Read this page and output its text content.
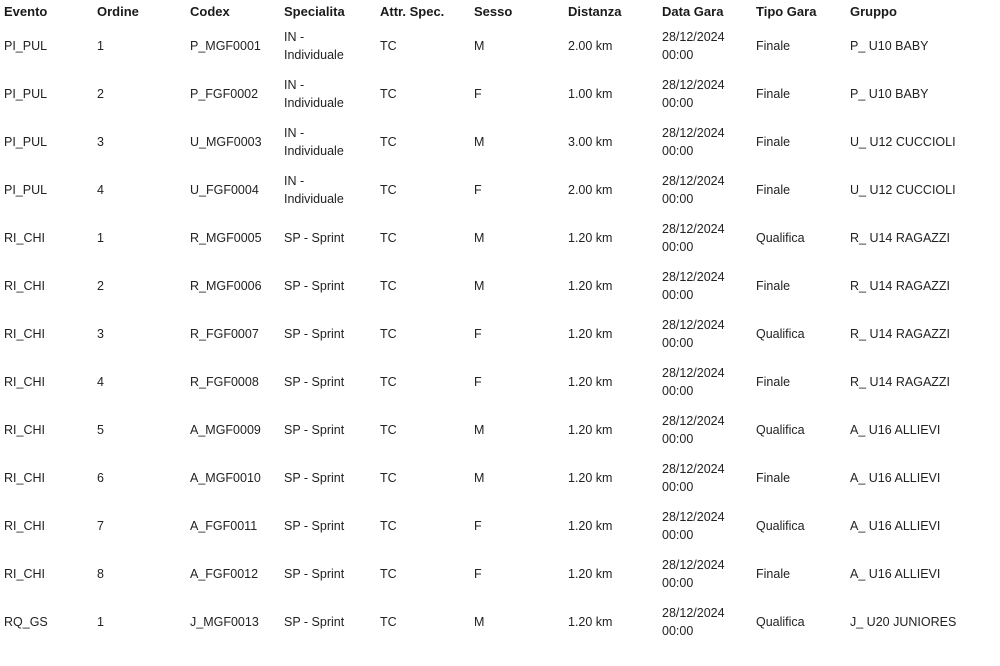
Evento	Ordine	Codex	Specialita	Attr. Spec.	Sesso	Distanza	Data Gara	Tipo Gara	Gruppo
PI_PUL	1	P_MGF0001	IN -
Individuale	TC	M	2.00 km	28/12/2024
00:00	Finale	P_ U10 BABY
PI_PUL	2	P_FGF0002	IN -
Individuale	TC	F	1.00 km	28/12/2024
00:00	Finale	P_ U10 BABY
PI_PUL	3	U_MGF0003	IN -
Individuale	TC	M	3.00 km	28/12/2024
00:00	Finale	U_ U12 CUCCIOLI
PI_PUL	4	U_FGF0004	IN -
Individuale	TC	F	2.00 km	28/12/2024
00:00	Finale	U_ U12 CUCCIOLI
RI_CHI	1	R_MGF0005	SP - Sprint	TC	M	1.20 km	28/12/2024
00:00	Qualifica	R_ U14 RAGAZZI
RI_CHI	2	R_MGF0006	SP - Sprint	TC	M	1.20 km	28/12/2024
00:00	Finale	R_ U14 RAGAZZI
RI_CHI	3	R_FGF0007	SP - Sprint	TC	F	1.20 km	28/12/2024
00:00	Qualifica	R_ U14 RAGAZZI
RI_CHI	4	R_FGF0008	SP - Sprint	TC	F	1.20 km	28/12/2024
00:00	Finale	R_ U14 RAGAZZI
RI_CHI	5	A_MGF0009	SP - Sprint	TC	M	1.20 km	28/12/2024
00:00	Qualifica	A_ U16 ALLIEVI
RI_CHI	6	A_MGF0010	SP - Sprint	TC	M	1.20 km	28/12/2024
00:00	Finale	A_ U16 ALLIEVI
RI_CHI	7	A_FGF0011	SP - Sprint	TC	F	1.20 km	28/12/2024
00:00	Qualifica	A_ U16 ALLIEVI
RI_CHI	8	A_FGF0012	SP - Sprint	TC	F	1.20 km	28/12/2024
00:00	Finale	A_ U16 ALLIEVI
RQ_GS	1	J_MGF0013	SP - Sprint	TC	M	1.20 km	28/12/2024
00:00	Qualifica	J_ U20 JUNIORES
